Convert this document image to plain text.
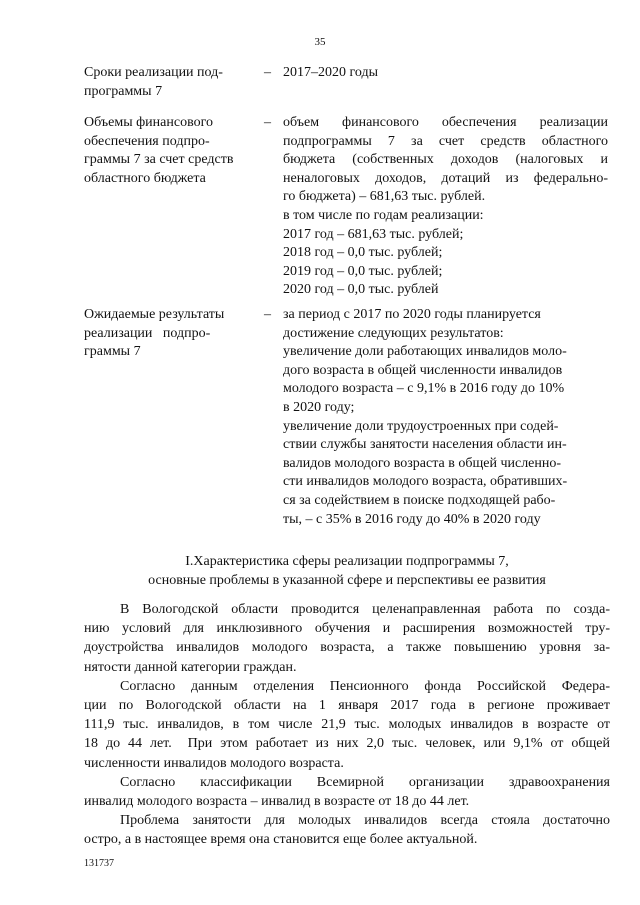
35
Сроки реализации под-
программы 7
– 2017–2020 годы
Объемы финансового
обеспечения подпро-
граммы 7 за счет средств
областного бюджета
– объем финансового обеспечения реализации
подпрограммы 7 за счет средств областного
бюджета (собственных доходов (налоговых и
неналоговых доходов, дотаций из федерально-
го бюджета) – 681,63 тыс. рублей.
в том числе по годам реализации:
2017 год – 681,63 тыс. рублей;
2018 год – 0,0 тыс. рублей;
2019 год – 0,0 тыс. рублей;
2020 год – 0,0 тыс. рублей
Ожидаемые результаты
реализации   подпро-
граммы 7
– за период с 2017 по 2020 годы планируется
достижение следующих результатов:
увеличение доли работающих инвалидов моло-
дого возраста в общей численности инвалидов
молодого возраста – с 9,1% в 2016 году до 10%
в 2020 году;
увеличение доли трудоустроенных при содей-
ствии службы занятости населения области ин-
валидов молодого возраста в общей численно-
сти инвалидов молодого возраста, обративших-
ся за содействием в поиске подходящей рабо-
ты, – с 35% в 2016 году до 40% в 2020 году
I.Характеристика сферы реализации подпрограммы 7,
основные проблемы в указанной сфере и перспективы ее развития
В Вологодской области проводится целенаправленная работа по созда-
нию условий для инклюзивного обучения и расширения возможностей тру-
доустройства инвалидов молодого возраста, а также повышению уровня за-
нятости данной категории граждан.
Согласно данным отделения Пенсионного фонда Российской Федера-
ции по Вологодской области на 1 января 2017 года в регионе проживает
111,9 тыс. инвалидов, в том числе 21,9 тыс. молодых инвалидов в возрасте от
18 до 44 лет.  При этом работает из них 2,0 тыс. человек, или 9,1% от общей
численности инвалидов молодого возраста.
Согласно классификации Всемирной организации здравоохранения
инвалид молодого возраста – инвалид в возрасте от 18 до 44 лет.
Проблема занятости для молодых инвалидов всегда стояла достаточно
остро, а в настоящее время она становится еще более актуальной.
131737
